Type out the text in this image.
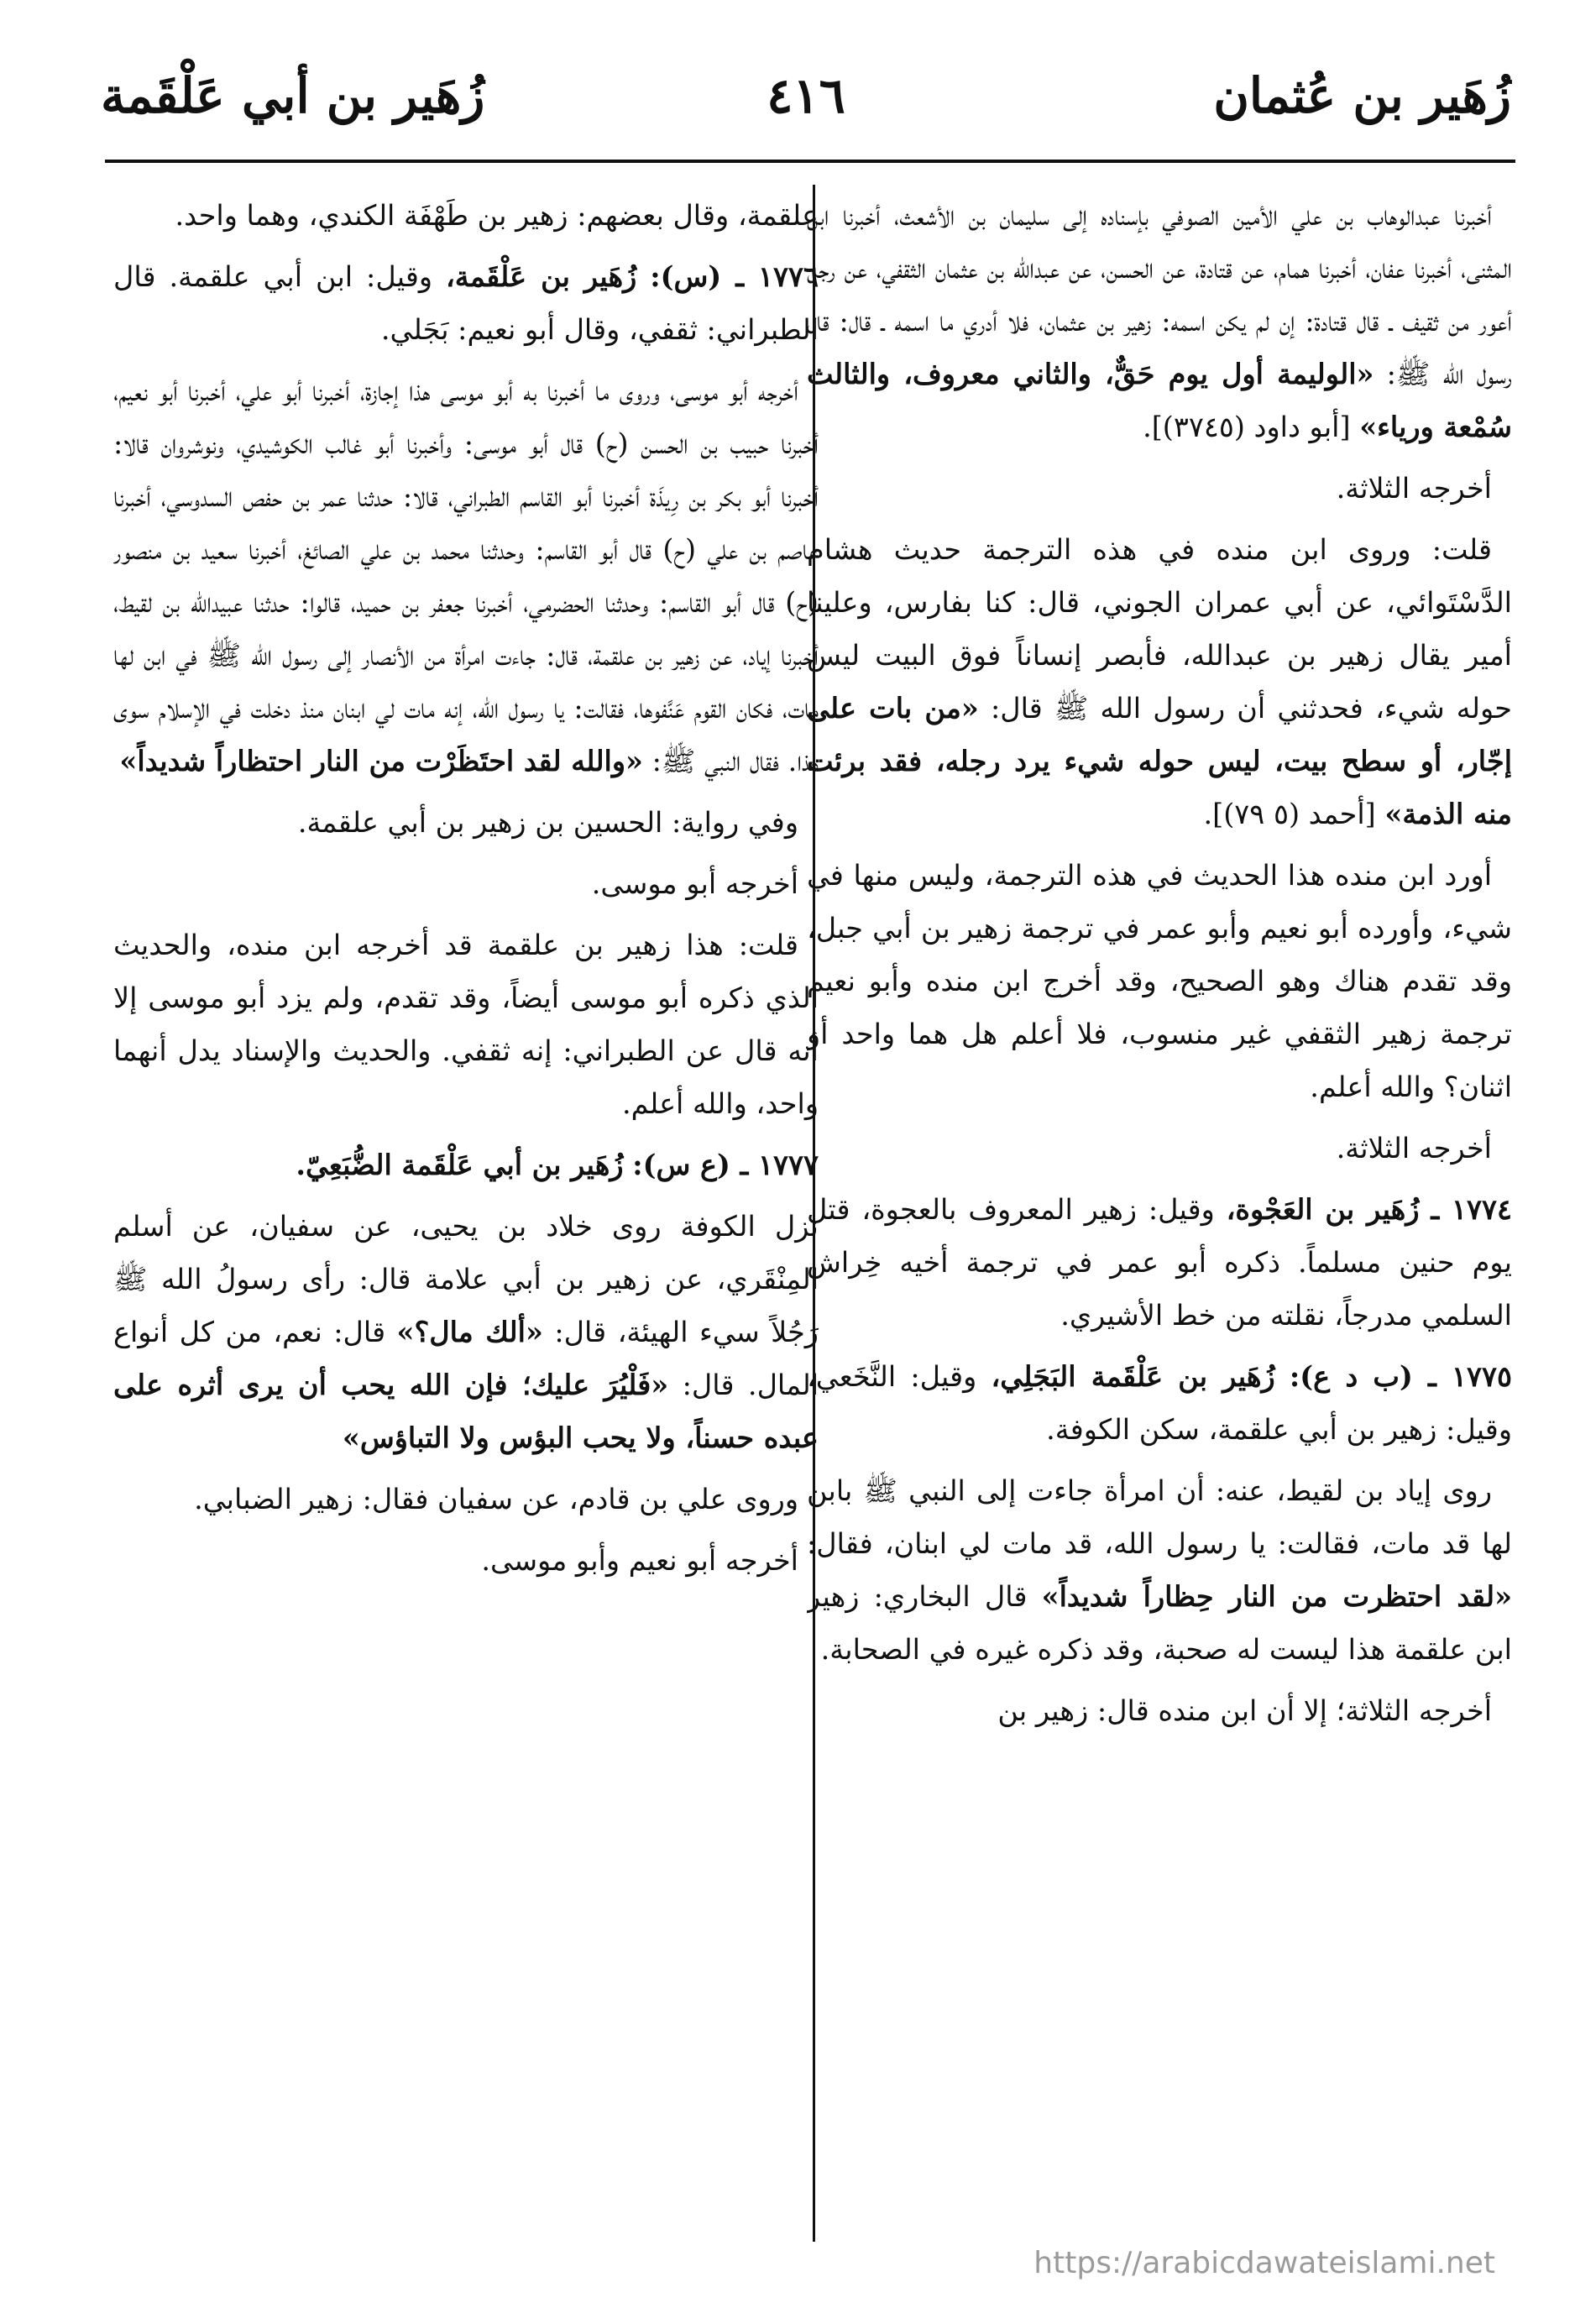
زُهَير بن عُثمان
٤١٦
زُهَير بن أبي عَلْقَمة

أخبرنا عبدالوهاب بن علي الأمين الصوفي بإسناده إلى سليمان بن الأشعث، أخبرنا ابن المثنى، أخبرنا عفان، أخبرنا همام، عن قتادة، عن الحسن، عن عبدالله بن عثمان الثقفي، عن رجل أعور من ثقيف ـ قال قتادة: إن لم يكن اسمه: زهير بن عثمان، فلا أدري ما اسمه ـ قال: قال رسول الله ﷺ: «الوليمة أول يوم حَقٌّ، والثاني معروف، والثالث سُمْعة ورياء» [أبو داود (٣٧٤٥)].

أخرجه الثلاثة.

قلت: وروى ابن منده في هذه الترجمة حديث هشام الدَّسْتَوائي، عن أبي عمران الجوني، قال: كنا بفارس، وعلينا أمير يقال زهير بن عبدالله، فأبصر إنساناً فوق البيت ليس حوله شيء، فحدثني أن رسول الله ﷺ قال: «من بات على إجّار، أو سطح بيت، ليس حوله شيء يرد رجله، فقد برئت منه الذمة» [أحمد (٥ ٧٩)].

أورد ابن منده هذا الحديث في هذه الترجمة، وليس منها في شيء، وأورده أبو نعيم وأبو عمر في ترجمة زهير بن أبي جبل، وقد تقدم هناك وهو الصحيح، وقد أخرج ابن منده وأبو نعيم ترجمة زهير الثقفي غير منسوب، فلا أعلم هل هما واحد أو اثنان؟ والله أعلم.

أخرجه الثلاثة.

١٧٧٤ ـ زُهَير بن العَجْوة، وقيل: زهير المعروف بالعجوة، قتل يوم حنين مسلماً. ذكره أبو عمر في ترجمة أخيه خِراش السلمي مدرجاً، نقلته من خط الأشيري.

١٧٧٥ ـ (ب د ع): زُهَير بن عَلْقَمة البَجَلِي، وقيل: النَّخَعي، وقيل: زهير بن أبي علقمة، سكن الكوفة.

روى إياد بن لقيط، عنه: أن امرأة جاءت إلى النبي ﷺ بابن لها قد مات، فقالت: يا رسول الله، قد مات لي ابنان، فقال: «لقد احتظرت من النار حِظاراً شديداً» قال البخاري: زهير ابن علقمة هذا ليست له صحبة، وقد ذكره غيره في الصحابة.

أخرجه الثلاثة؛ إلا أن ابن منده قال: زهير بن

علقمة، وقال بعضهم: زهير بن طَهْفَة الكندي، وهما واحد.

١٧٧٦ ـ (س): زُهَير بن عَلْقَمة، وقيل: ابن أبي علقمة. قال الطبراني: ثقفي، وقال أبو نعيم: بَجَلي.

أخرجه أبو موسى، وروى ما أخبرنا به أبو موسى هذا إجازة، أخبرنا أبو علي، أخبرنا أبو نعيم، أخبرنا حبيب بن الحسن (ح) قال أبو موسى: وأخبرنا أبو غالب الكوشيدي، ونوشروان قالا: أخبرنا أبو بكر بن رِيذَة أخبرنا أبو القاسم الطبراني، قالا: حدثنا عمر بن حفص السدوسي، أخبرنا عاصم بن علي (ح) قال أبو القاسم: وحدثنا محمد بن علي الصائغ، أخبرنا سعيد بن منصور (ح) قال أبو القاسم: وحدثنا الحضرمي، أخبرنا جعفر بن حميد، قالوا: حدثنا عبيدالله بن لقيط، أخبرنا إياد، عن زهير بن علقمة، قال: جاءت امرأة من الأنصار إلى رسول الله ﷺ في ابن لها مات، فكان القوم عَنَّفوها، فقالت: يا رسول الله، إنه مات لي ابنان منذ دخلت في الإسلام سوى هذا. فقال النبي ﷺ: «والله لقد احتَظَرْت من النار احتظاراً شديداً»

وفي رواية: الحسين بن زهير بن أبي علقمة.

أخرجه أبو موسى.

قلت: هذا زهير بن علقمة قد أخرجه ابن منده، والحديث الذي ذكره أبو موسى أيضاً، وقد تقدم، ولم يزد أبو موسى إلا أنه قال عن الطبراني: إنه ثقفي. والحديث والإسناد يدل أنهما واحد، والله أعلم.

١٧٧٧ ـ (ع س): زُهَير بن أبي عَلْقَمة الضُّبَعِيّ.

نزل الكوفة روى خلاد بن يحيى، عن سفيان، عن أسلم المِنْقَري، عن زهير بن أبي علامة قال: رأى رسولُ الله ﷺ رَجُلاً سيء الهيئة، قال: «ألك مال؟» قال: نعم، من كل أنواع المال. قال: «فَلْيُرَ عليك؛ فإن الله يحب أن يرى أثره على عبده حسناً، ولا يحب البؤس ولا التباؤس»

وروى علي بن قادم، عن سفيان فقال: زهير الضبابي.

أخرجه أبو نعيم وأبو موسى.

https://arabicdawateislami.net
